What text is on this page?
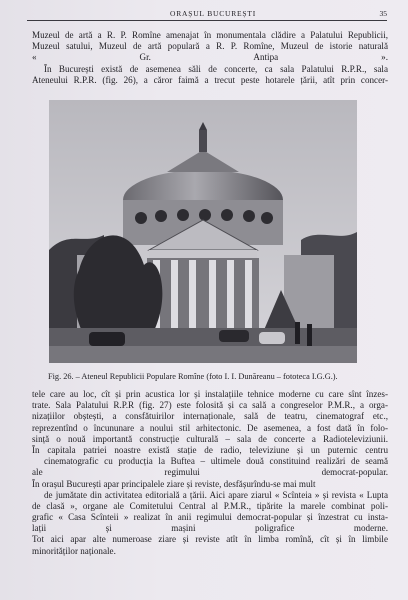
ORAȘUL BUCUREȘTI	35
Muzeul de artă a R. P. Romîne amenajat în monumentala clădire a Palatului Republicii,
Muzeul satului, Muzeul de artă populară a R. P. Romîne, Muzeul de istorie naturală
« Gr. Antipa ».
În București există de asemenea săli de concerte, ca sala Palatului R.P.R., sala
Ateneului R.P.R. (fig. 26), a căror faimă a trecut peste hotarele țării, atît prin concer-
Fig. 26. – Ateneul Republicii Populare Romîne (foto I. I. Dunăreanu – fototeca I.G.G.).
tele care au loc, cît și prin acustica lor și instalațiile tehnice moderne cu care sînt înzes-
trate. Sala Palatului R.P.R (fig. 27) este folosită și ca sală a congreselor P.M.R., a orga-
nizațiilor obștești, a consfătuirilor internaționale, sală de teatru, cinematograf etc.,
reprezentînd o încununare a noului stil arhitectonic. De asemenea, a fost dată în folo-
sință o nouă importantă construcție culturală – sala de concerte a Radioteleviziunii.
În capitala patriei noastre există stație de radio, televiziune și un puternic centru
cinematografic cu producția la Buftea – ultimele două constituind realizări de seamă
ale regimului democrat-popular.
În orașul București apar principalele ziare și reviste, desfășurîndu-se mai mult
de jumătate din activitatea editorială a țării. Aici apare ziarul « Scînteia » și revista « Lupta
de clasă », organe ale Comitetului Central al P.M.R., tipărite la marele combinat poli-
grafic « Casa Scînteii » realizat în anii regimului democrat-popular și înzestrat cu insta-
lații și mașini poligrafice moderne.
Tot aici apar alte numeroase ziare și reviste atît în limba romînă, cît și în limbile
minorităților naționale.
